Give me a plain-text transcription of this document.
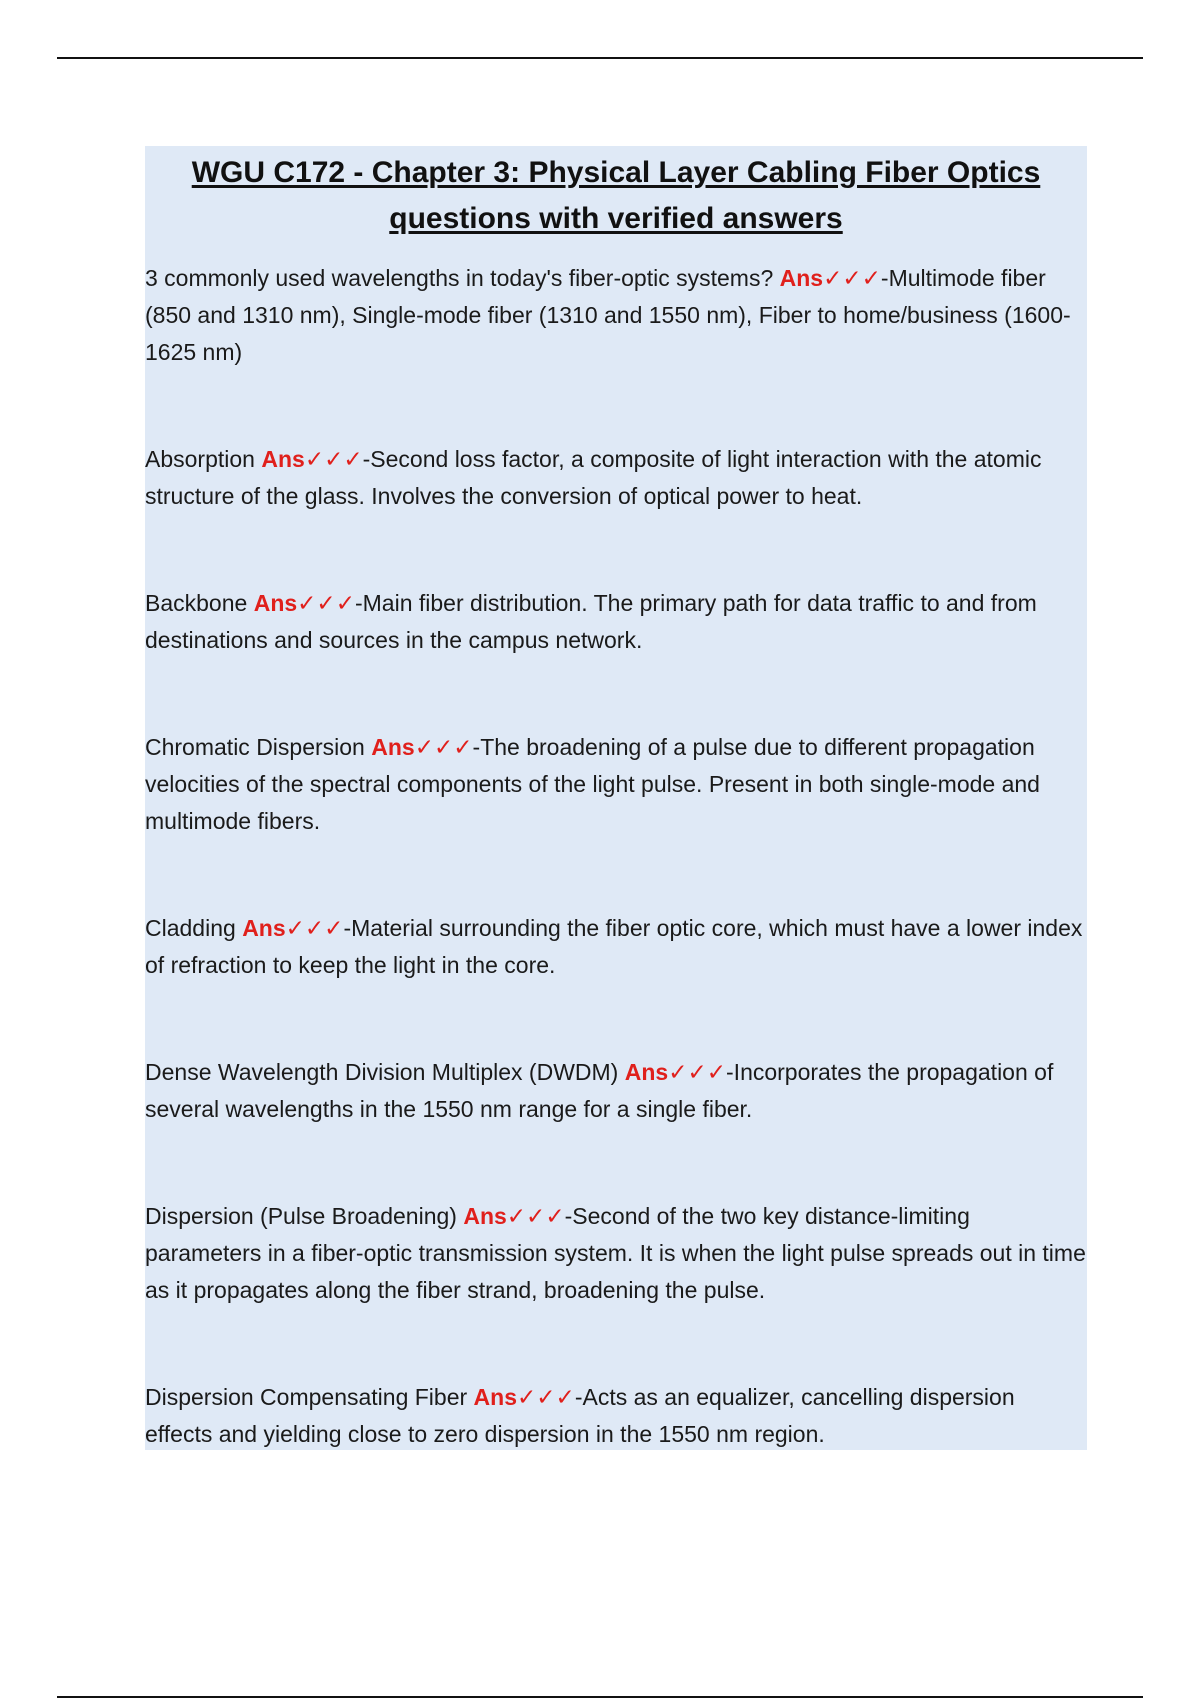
WGU C172 - Chapter 3: Physical Layer Cabling Fiber Optics questions with verified answers

3 commonly used wavelengths in today's fiber-optic systems? Ans✓✓✓-Multimode fiber (850 and 1310 nm), Single-mode fiber (1310 and 1550 nm), Fiber to home/business (1600-1625 nm)

Absorption Ans✓✓✓-Second loss factor, a composite of light interaction with the atomic structure of the glass. Involves the conversion of optical power to heat.

Backbone Ans✓✓✓-Main fiber distribution. The primary path for data traffic to and from destinations and sources in the campus network.

Chromatic Dispersion Ans✓✓✓-The broadening of a pulse due to different propagation velocities of the spectral components of the light pulse. Present in both single-mode and multimode fibers.

Cladding Ans✓✓✓-Material surrounding the fiber optic core, which must have a lower index of refraction to keep the light in the core.

Dense Wavelength Division Multiplex (DWDM) Ans✓✓✓-Incorporates the propagation of several wavelengths in the 1550 nm range for a single fiber.

Dispersion (Pulse Broadening) Ans✓✓✓-Second of the two key distance-limiting parameters in a fiber-optic transmission system. It is when the light pulse spreads out in time as it propagates along the fiber strand, broadening the pulse.

Dispersion Compensating Fiber Ans✓✓✓-Acts as an equalizer, cancelling dispersion effects and yielding close to zero dispersion in the 1550 nm region.
